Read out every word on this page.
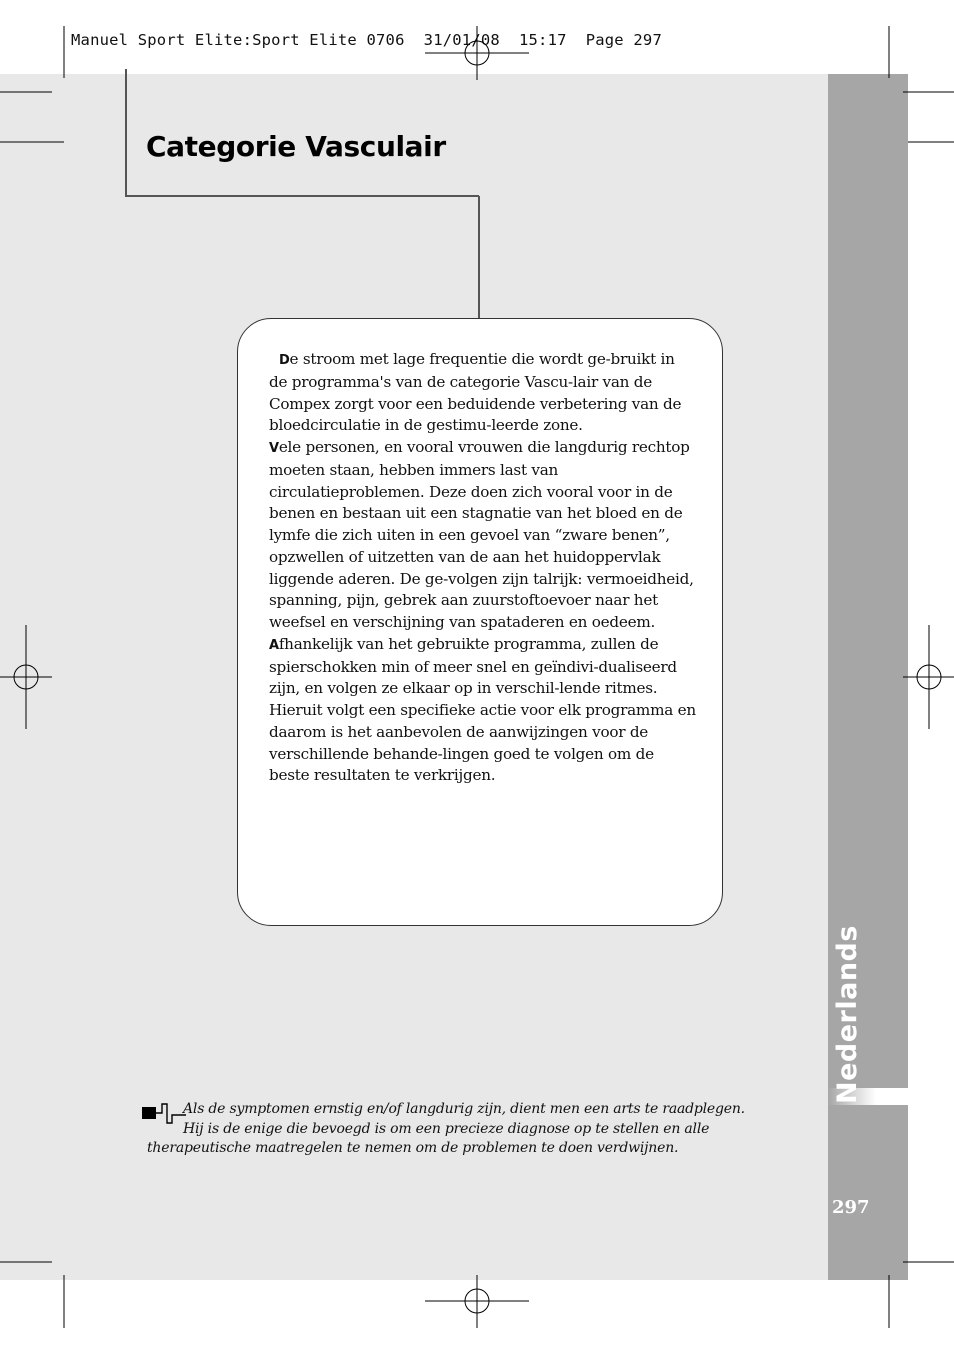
Manuel Sport Elite:Sport Elite 0706  31/01/08  15:17  Page 297
Nederlands
297
Categorie Vasculair

De stroom met lage frequentie die wordt ge-bruikt in de programma's van de categorie Vascu-lair van de Compex zorgt voor een beduidende verbetering van de bloedcirculatie in de gestimu-leerde zone.

Vele personen, en vooral vrouwen die langdurig rechtop moeten staan, hebben immers last van circulatieproblemen. Deze doen zich vooral voor in de benen en bestaan uit een stagnatie van het bloed en de lymfe die zich uiten in een gevoel van “zware benen”, opzwellen of uitzetten van de aan het huidoppervlak liggende aderen. De ge-volgen zijn talrijk: vermoeidheid, spanning, pijn, gebrek aan zuurstoftoevoer naar het weefsel en verschijning van spataderen en oedeem.

Afhankelijk van het gebruikte programma, zullen de spierschokken min of meer snel en geïndivi-dualiseerd zijn, en volgen ze elkaar op in verschil-lende ritmes. Hieruit volgt een specifieke actie voor elk programma en daarom is het aanbevolen de aanwijzingen voor de verschillende behande-lingen goed te volgen om de beste resultaten te verkrijgen.

Als de symptomen ernstig en/of langdurig zijn, dient men een arts te raadplegen.
Hij is de enige die bevoegd is om een precieze diagnose op te stellen en alle
therapeutische maatregelen te nemen om de problemen te doen verdwijnen.
